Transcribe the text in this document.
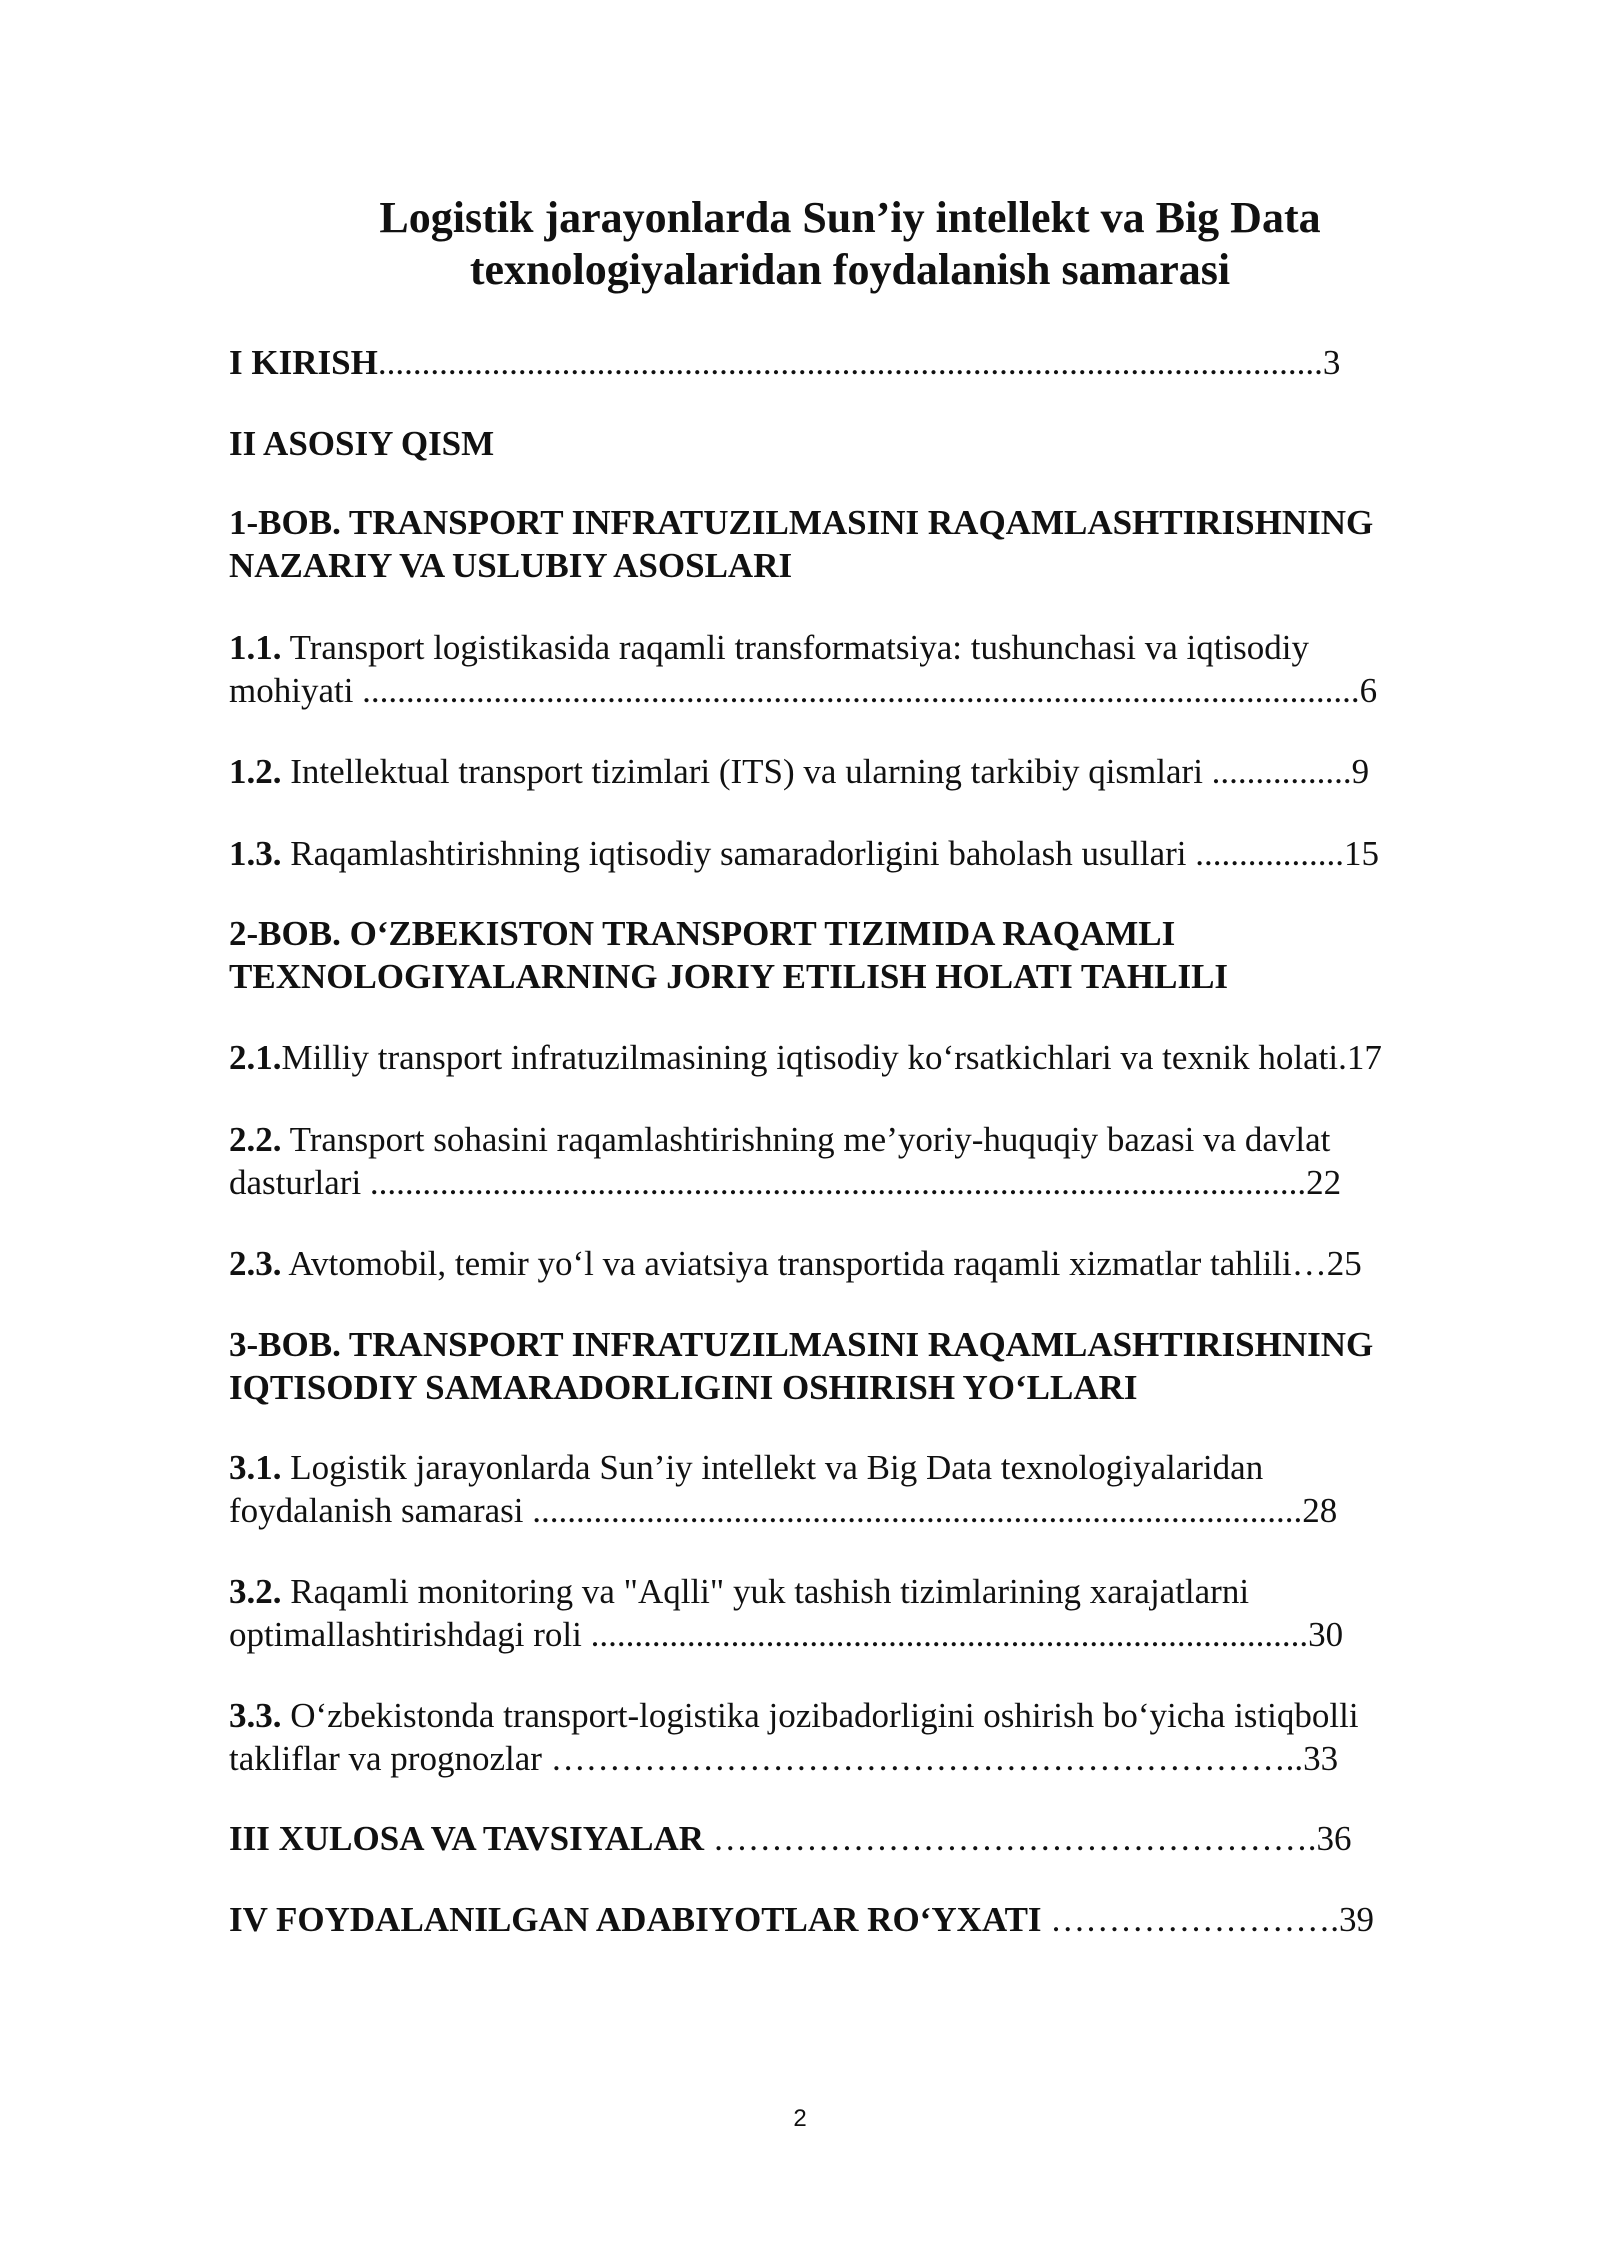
Logistik jarayonlarda Sun’iy intellekt va Big Data
texnologiyalaridan foydalanish samarasi
I KIRISH............................................................................................................3
II ASOSIY QISM
1-BOB. TRANSPORT INFRATUZILMASINI RAQAMLASHTIRISHNING
NAZARIY VA USLUBIY ASOSLARI
1.1. Transport logistikasida raqamli transformatsiya: tushunchasi va iqtisodiy
mohiyati ..................................................................................................................6
1.2. Intellektual transport tizimlari (ITS) va ularning tarkibiy qismlari ................9
1.3. Raqamlashtirishning iqtisodiy samaradorligini baholash usullari .................15
2-BOB. O‘ZBEKISTON TRANSPORT TIZIMIDA RAQAMLI
TEXNOLOGIYALARNING JORIY ETILISH HOLATI TAHLILI
2.1.Milliy transport infratuzilmasining iqtisodiy ko‘rsatkichlari va texnik holati.17
2.2. Transport sohasini raqamlashtirishning me’yoriy-huquqiy bazasi va davlat
dasturlari ...........................................................................................................22
2.3. Avtomobil, temir yo‘l va aviatsiya transportida raqamli xizmatlar tahlili…25
3-BOB. TRANSPORT INFRATUZILMASINI RAQAMLASHTIRISHNING
IQTISODIY SAMARADORLIGINI OSHIRISH YO‘LLARI
3.1. Logistik jarayonlarda Sun’iy intellekt va Big Data texnologiyalaridan
foydalanish samarasi ........................................................................................28
3.2. Raqamli monitoring va "Aqlli" yuk tashish tizimlarining xarajatlarni
optimallashtirishdagi roli ..................................................................................30
3.3. O‘zbekistonda transport-logistika jozibadorligini oshirish bo‘yicha istiqbolli
takliflar va prognozlar ………………………………………………………..33
III XULOSA VA TAVSIYALAR …………………………………………….36
IV FOYDALANILGAN ADABIYOTLAR RO‘YXATI …………………….39
2
